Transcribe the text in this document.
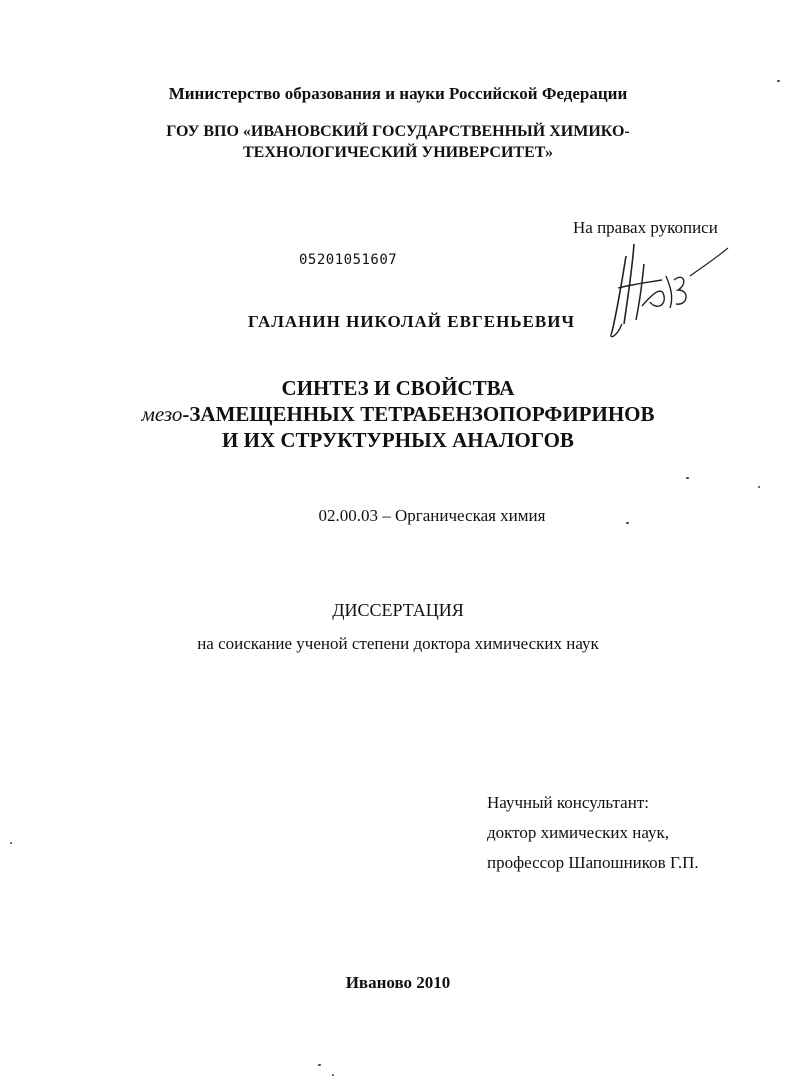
Министерство образования и науки Российской Федерации
ГОУ ВПО «ИВАНОВСКИЙ ГОСУДАРСТВЕННЫЙ ХИМИКО-
ТЕХНОЛОГИЧЕСКИЙ УНИВЕРСИТЕТ»
На правах рукописи
05201051607
ГАЛАНИН НИКОЛАЙ ЕВГЕНЬЕВИЧ
СИНТЕЗ И СВОЙСТВА
мезо-ЗАМЕЩЕННЫХ ТЕТРАБЕНЗОПОРФИРИНОВ
И ИХ СТРУКТУРНЫХ АНАЛОГОВ
02.00.03 – Органическая химия
ДИССЕРТАЦИЯ
на соискание ученой степени доктора химических наук
Научный консультант:
доктор химических наук,
профессор Шапошников Г.П.
Иваново 2010
